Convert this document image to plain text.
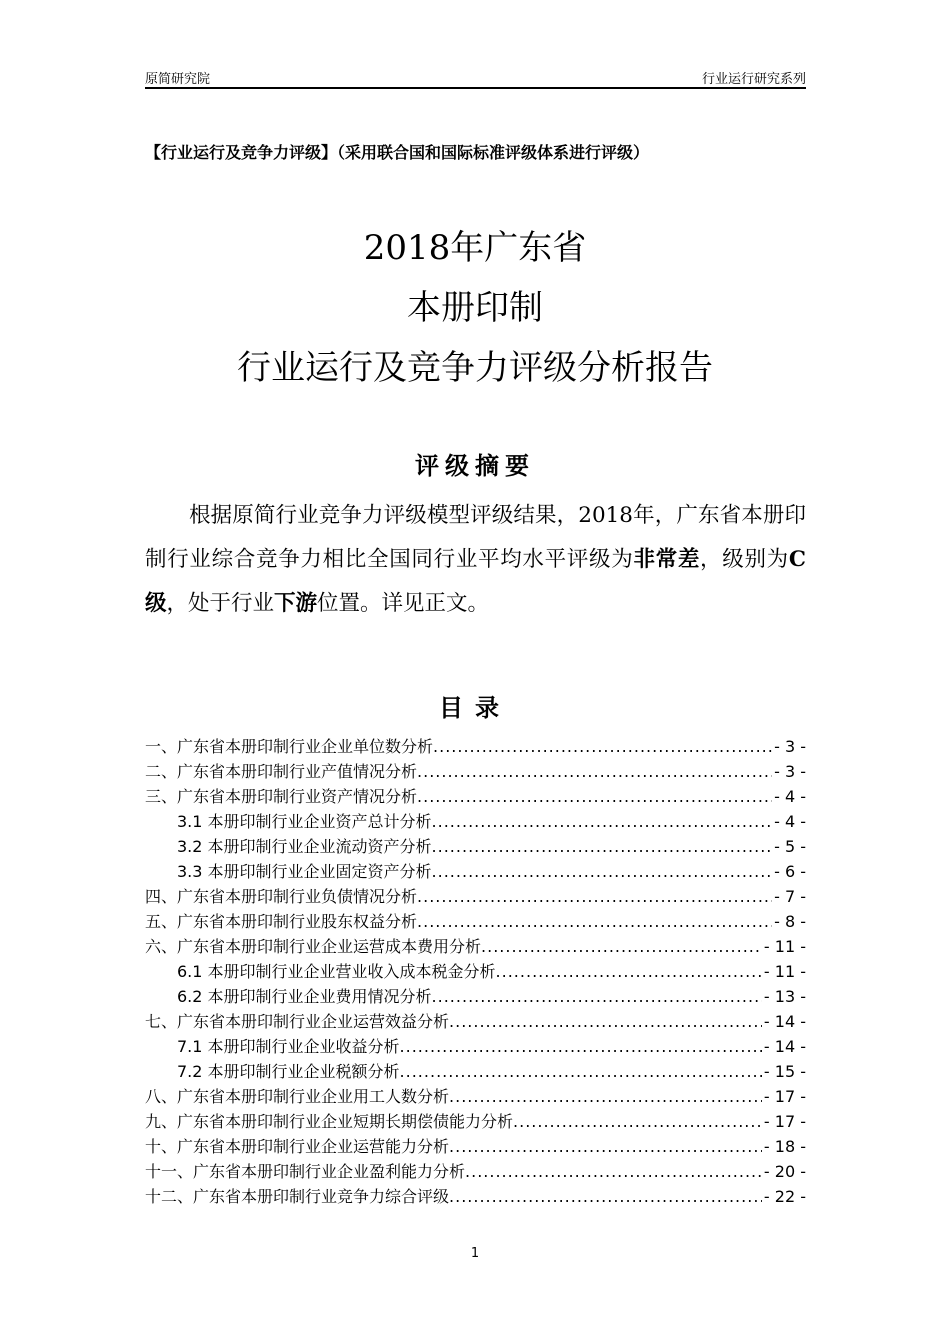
原简研究院	行业运行研究系列
【行业运行及竞争力评级】（采用联合国和国际标准评级体系进行评级）
2018年广东省
本册印制
行业运行及竞争力评级分析报告
评级摘要
根据原简行业竞争力评级模型评级结果，2018年，广东省本册印制行业综合竞争力相比全国同行业平均水平评级为非常差，级别为C级，处于行业下游位置。详见正文。
目录
一、广东省本册印制行业企业单位数分析 .....	- 3 -
二、广东省本册印制行业产值情况分析 .....	- 3 -
三、广东省本册印制行业资产情况分析 .....	- 4 -
3.1 本册印制行业企业资产总计分析 .....	- 4 -
3.2 本册印制行业企业流动资产分析 .....	- 5 -
3.3 本册印制行业企业固定资产分析 .....	- 6 -
四、广东省本册印制行业负债情况分析 .....	- 7 -
五、广东省本册印制行业股东权益分析 .....	- 8 -
六、广东省本册印制行业企业运营成本费用分析 .....	- 11 -
6.1 本册印制行业企业营业收入成本税金分析 .....	- 11 -
6.2 本册印制行业企业费用情况分析 .....	- 13 -
七、广东省本册印制行业企业运营效益分析 .....	- 14 -
7.1 本册印制行业企业收益分析 .....	- 14 -
7.2 本册印制行业企业税额分析 .....	- 15 -
八、广东省本册印制行业企业用工人数分析 .....	- 17 -
九、广东省本册印制行业企业短期长期偿债能力分析 .....	- 17 -
十、广东省本册印制行业企业运营能力分析 .....	- 18 -
十一、广东省本册印制行业企业盈利能力分析 .....	- 20 -
十二、广东省本册印制行业竞争力综合评级 .....	- 22 -
1
